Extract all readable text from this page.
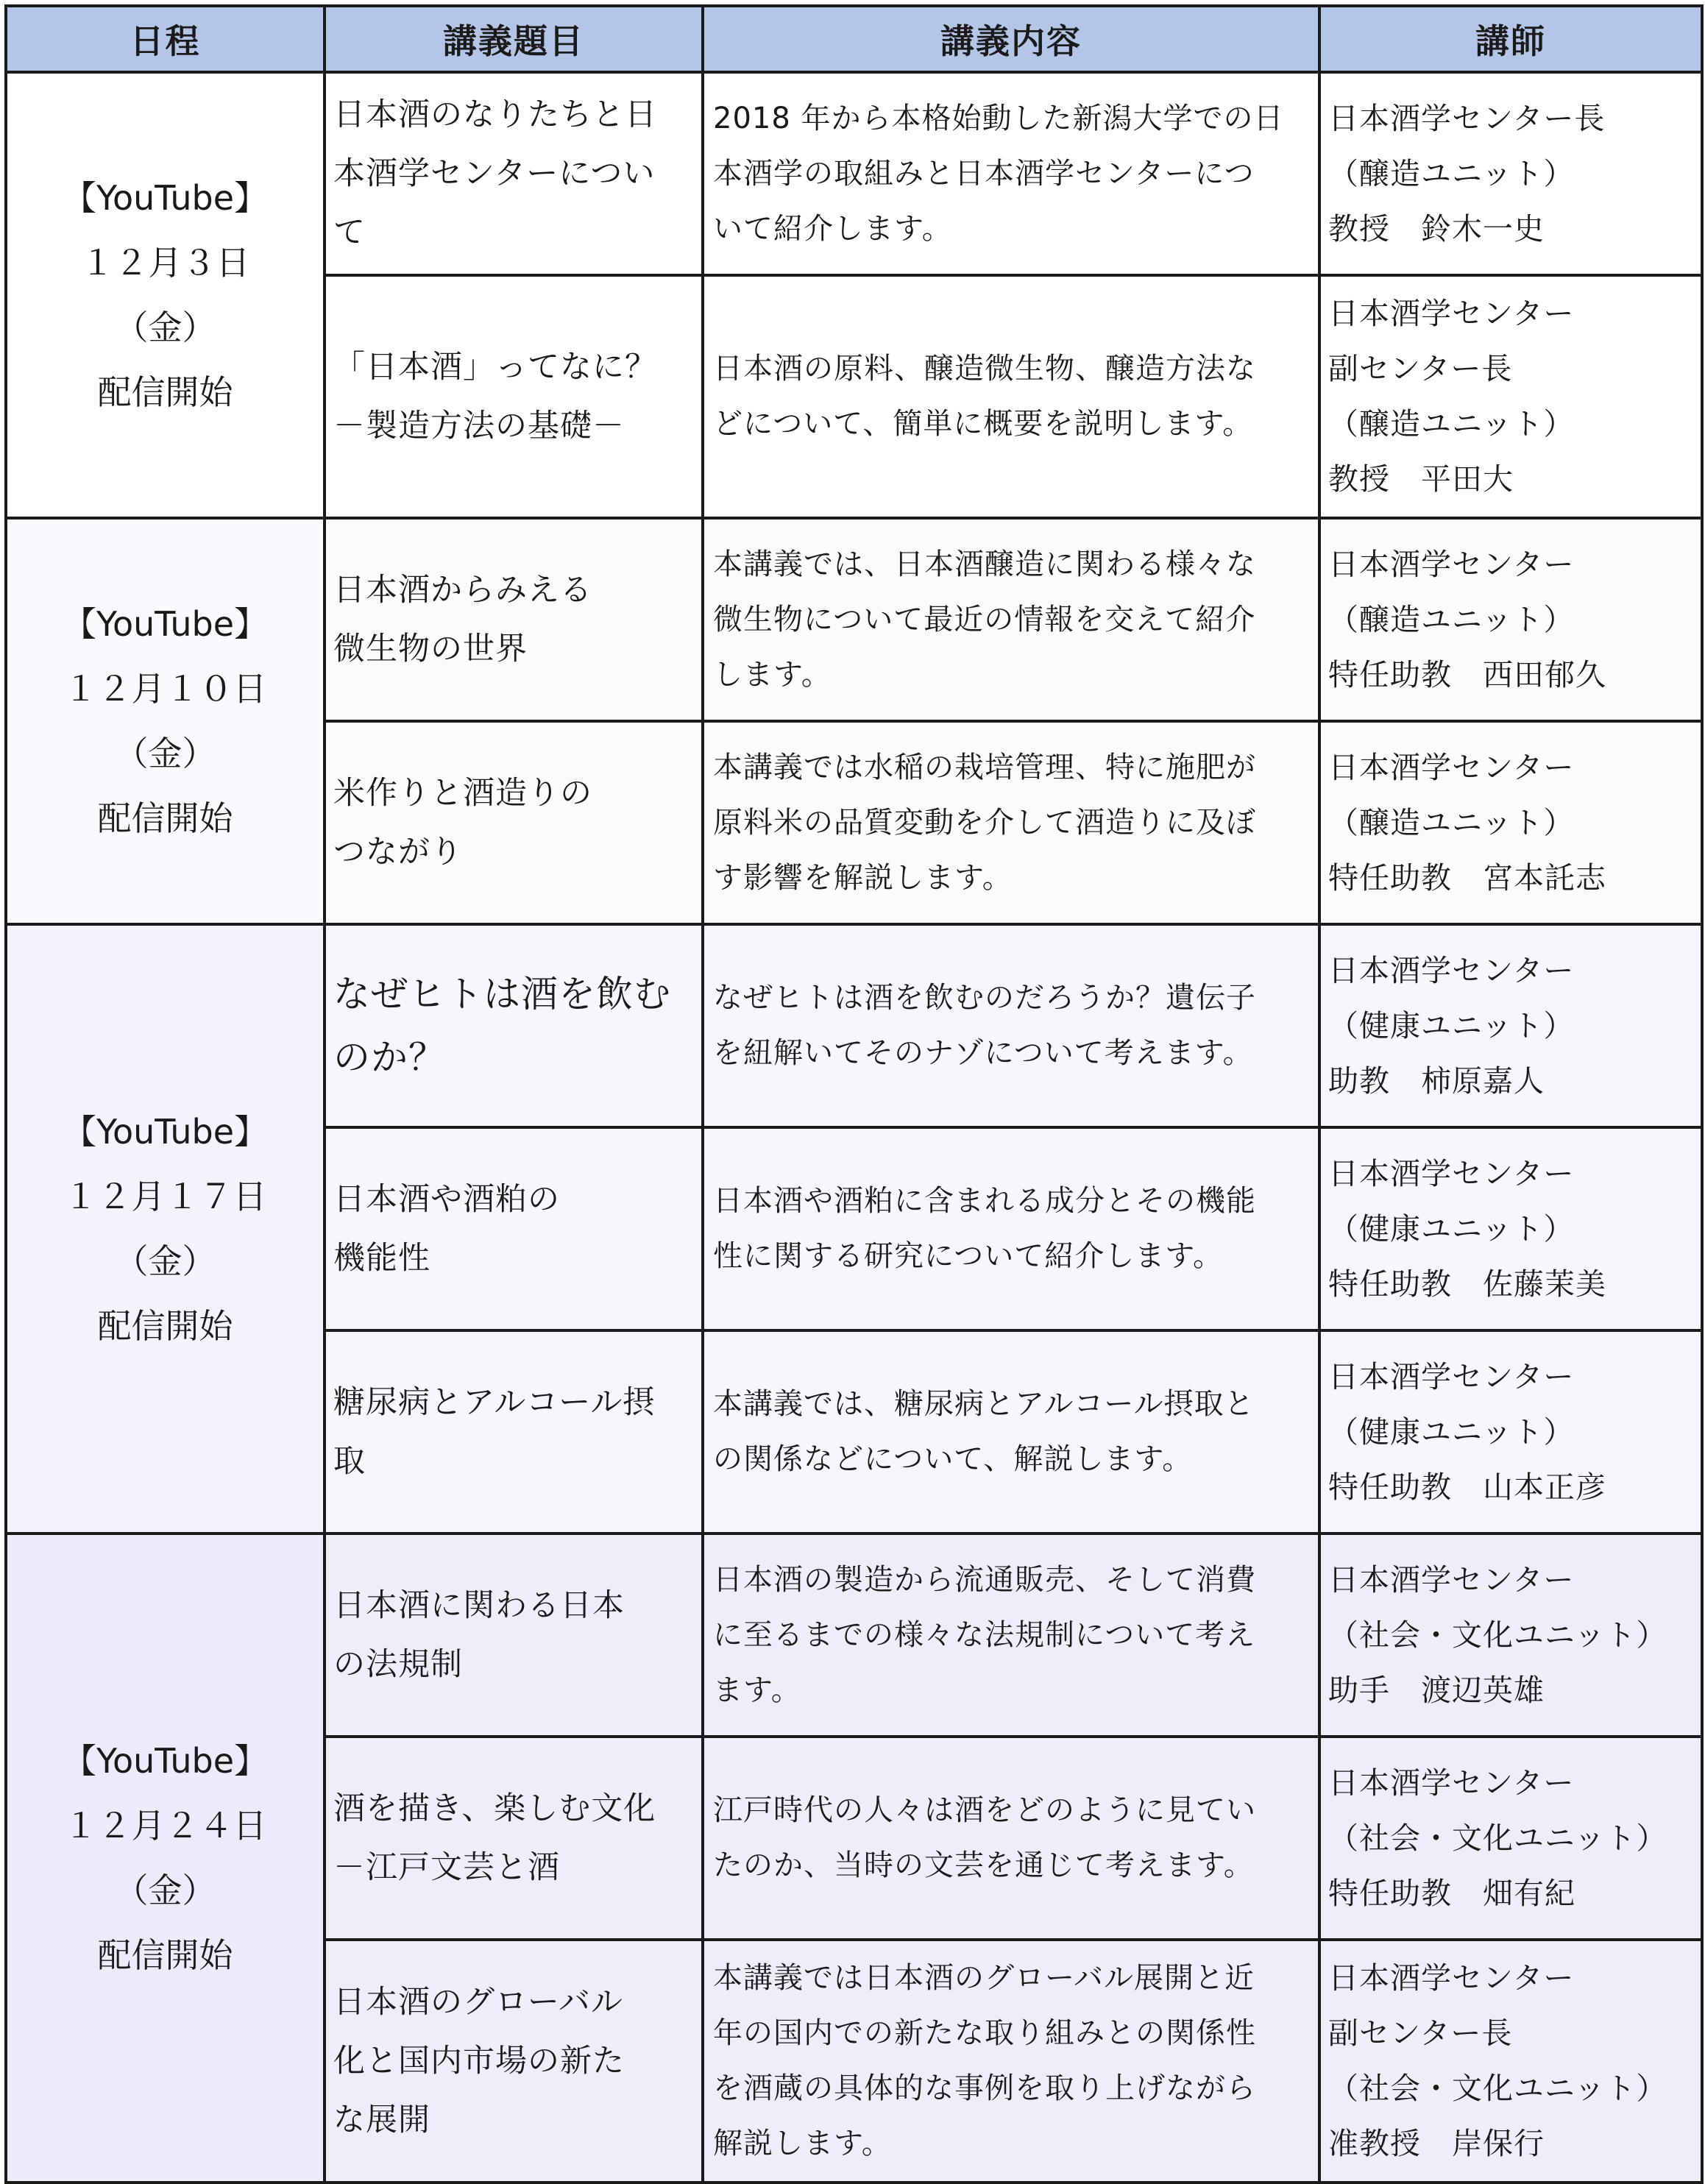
日程	講義題目	講義内容	講師

【YouTube】
１２月３日
（金）
配信開始	日本酒のなりたちと日
本酒学センターについ
て	2018 年から本格始動した新潟大学での日
本酒学の取組みと日本酒学センターにつ
いて紹介します。	日本酒学センター長
（醸造ユニット）
教授　鈴木一史

	「日本酒」ってなに？
－製造方法の基礎－	日本酒の原料、醸造微生物、醸造方法な
どについて、簡単に概要を説明します。	日本酒学センター
副センター長
（醸造ユニット）
教授　平田大

【YouTube】
１２月１０日
（金）
配信開始	日本酒からみえる
微生物の世界	本講義では、日本酒醸造に関わる様々な
微生物について最近の情報を交えて紹介
します。	日本酒学センター
（醸造ユニット）
特任助教　西田郁久

	米作りと酒造りの
つながり	本講義では水稲の栽培管理、特に施肥が
原料米の品質変動を介して酒造りに及ぼ
す影響を解説します。	日本酒学センター
（醸造ユニット）
特任助教　宮本託志

【YouTube】
１２月１７日
（金）
配信開始	なぜヒトは酒を飲む
のか？	なぜヒトは酒を飲むのだろうか？遺伝子
を紐解いてそのナゾについて考えます。	日本酒学センター
（健康ユニット）
助教　柿原嘉人

	日本酒や酒粕の
機能性	日本酒や酒粕に含まれる成分とその機能
性に関する研究について紹介します。	日本酒学センター
（健康ユニット）
特任助教　佐藤茉美

	糖尿病とアルコール摂
取	本講義では、糖尿病とアルコール摂取と
の関係などについて、解説します。	日本酒学センター
（健康ユニット）
特任助教　山本正彦

【YouTube】
１２月２４日
（金）
配信開始	日本酒に関わる日本
の法規制	日本酒の製造から流通販売、そして消費
に至るまでの様々な法規制について考え
ます。	日本酒学センター
（社会・文化ユニット）
助手　渡辺英雄

	酒を描き、楽しむ文化
－江戸文芸と酒	江戸時代の人々は酒をどのように見てい
たのか、当時の文芸を通じて考えます。	日本酒学センター
（社会・文化ユニット）
特任助教　畑有紀

	日本酒のグローバル
化と国内市場の新た
な展開	本講義では日本酒のグローバル展開と近
年の国内での新たな取り組みとの関係性
を酒蔵の具体的な事例を取り上げながら
解説します。	日本酒学センター
副センター長
（社会・文化ユニット）
准教授　岸保行
